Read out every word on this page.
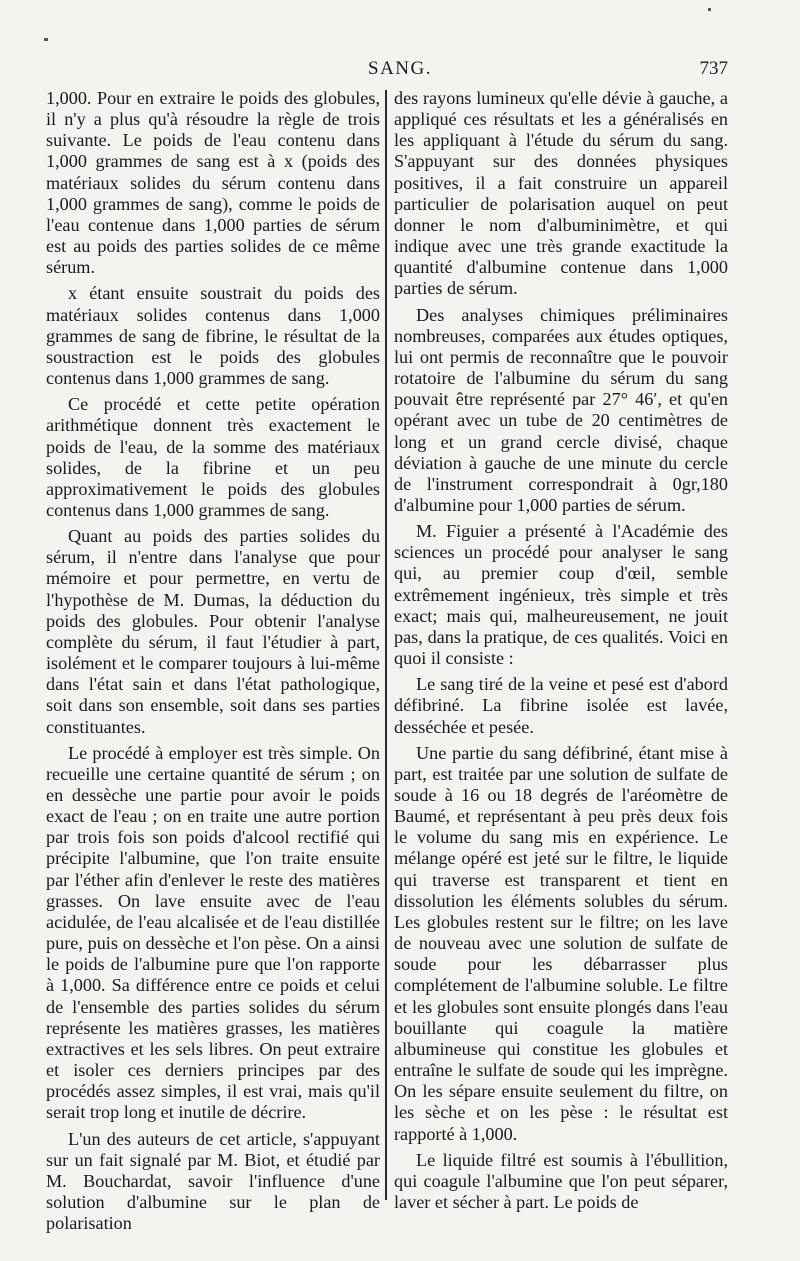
SANG.	737

1,000. Pour en extraire le poids des globules, il n'y a plus qu'à résoudre la règle de trois suivante. Le poids de l'eau contenu dans 1,000 grammes de sang est à x (poids des matériaux solides du sérum contenu dans 1,000 grammes de sang), comme le poids de l'eau contenue dans 1,000 parties de sérum est au poids des parties solides de ce même sérum.

x étant ensuite soustrait du poids des matériaux solides contenus dans 1,000 grammes de sang de fibrine, le résultat de la soustraction est le poids des globules contenus dans 1,000 grammes de sang.

Ce procédé et cette petite opération arithmétique donnent très exactement le poids de l'eau, de la somme des matériaux solides, de la fibrine et un peu approximativement le poids des globules contenus dans 1,000 grammes de sang.

Quant au poids des parties solides du sérum, il n'entre dans l'analyse que pour mémoire et pour permettre, en vertu de l'hypothèse de M. Dumas, la déduction du poids des globules. Pour obtenir l'analyse complète du sérum, il faut l'étudier à part, isolément et le comparer toujours à lui-même dans l'état sain et dans l'état pathologique, soit dans son ensemble, soit dans ses parties constituantes.

Le procédé à employer est très simple. On recueille une certaine quantité de sérum ; on en dessèche une partie pour avoir le poids exact de l'eau ; on en traite une autre portion par trois fois son poids d'alcool rectifié qui précipite l'albumine, que l'on traite ensuite par l'éther afin d'enlever le reste des matières grasses. On lave ensuite avec de l'eau acidulée, de l'eau alcalisée et de l'eau distillée pure, puis on dessèche et l'on pèse. On a ainsi le poids de l'albumine pure que l'on rapporte à 1,000. Sa différence entre ce poids et celui de l'ensemble des parties solides du sérum représente les matières grasses, les matières extractives et les sels libres. On peut extraire et isoler ces derniers principes par des procédés assez simples, il est vrai, mais qu'il serait trop long et inutile de décrire.

L'un des auteurs de cet article, s'appuyant sur un fait signalé par M. Biot, et étudié par M. Bouchardat, savoir l'influence d'une solution d'albumine sur le plan de polarisation

des rayons lumineux qu'elle dévie à gauche, a appliqué ces résultats et les a généralisés en les appliquant à l'étude du sérum du sang. S'appuyant sur des données physiques positives, il a fait construire un appareil particulier de polarisation auquel on peut donner le nom d'albuminimètre, et qui indique avec une très grande exactitude la quantité d'albumine contenue dans 1,000 parties de sérum.

Des analyses chimiques préliminaires nombreuses, comparées aux études optiques, lui ont permis de reconnaître que le pouvoir rotatoire de l'albumine du sérum du sang pouvait être représenté par 27° 46′, et qu'en opérant avec un tube de 20 centimètres de long et un grand cercle divisé, chaque déviation à gauche de une minute du cercle de l'instrument correspondrait à 0gr,180 d'albumine pour 1,000 parties de sérum.

M. Figuier a présenté à l'Académie des sciences un procédé pour analyser le sang qui, au premier coup d'œil, semble extrêmement ingénieux, très simple et très exact; mais qui, malheureusement, ne jouit pas, dans la pratique, de ces qualités. Voici en quoi il consiste :

Le sang tiré de la veine et pesé est d'abord défibriné. La fibrine isolée est lavée, desséchée et pesée.

Une partie du sang défibriné, étant mise à part, est traitée par une solution de sulfate de soude à 16 ou 18 degrés de l'aréomètre de Baumé, et représentant à peu près deux fois le volume du sang mis en expérience. Le mélange opéré est jeté sur le filtre, le liquide qui traverse est transparent et tient en dissolution les éléments solubles du sérum. Les globules restent sur le filtre; on les lave de nouveau avec une solution de sulfate de soude pour les débarrasser plus complétement de l'albumine soluble. Le filtre et les globules sont ensuite plongés dans l'eau bouillante qui coagule la matière albumineuse qui constitue les globules et entraîne le sulfate de soude qui les imprègne. On les sépare ensuite seulement du filtre, on les sèche et on les pèse : le résultat est rapporté à 1,000.

Le liquide filtré est soumis à l'ébullition, qui coagule l'albumine que l'on peut séparer, laver et sécher à part. Le poids de
